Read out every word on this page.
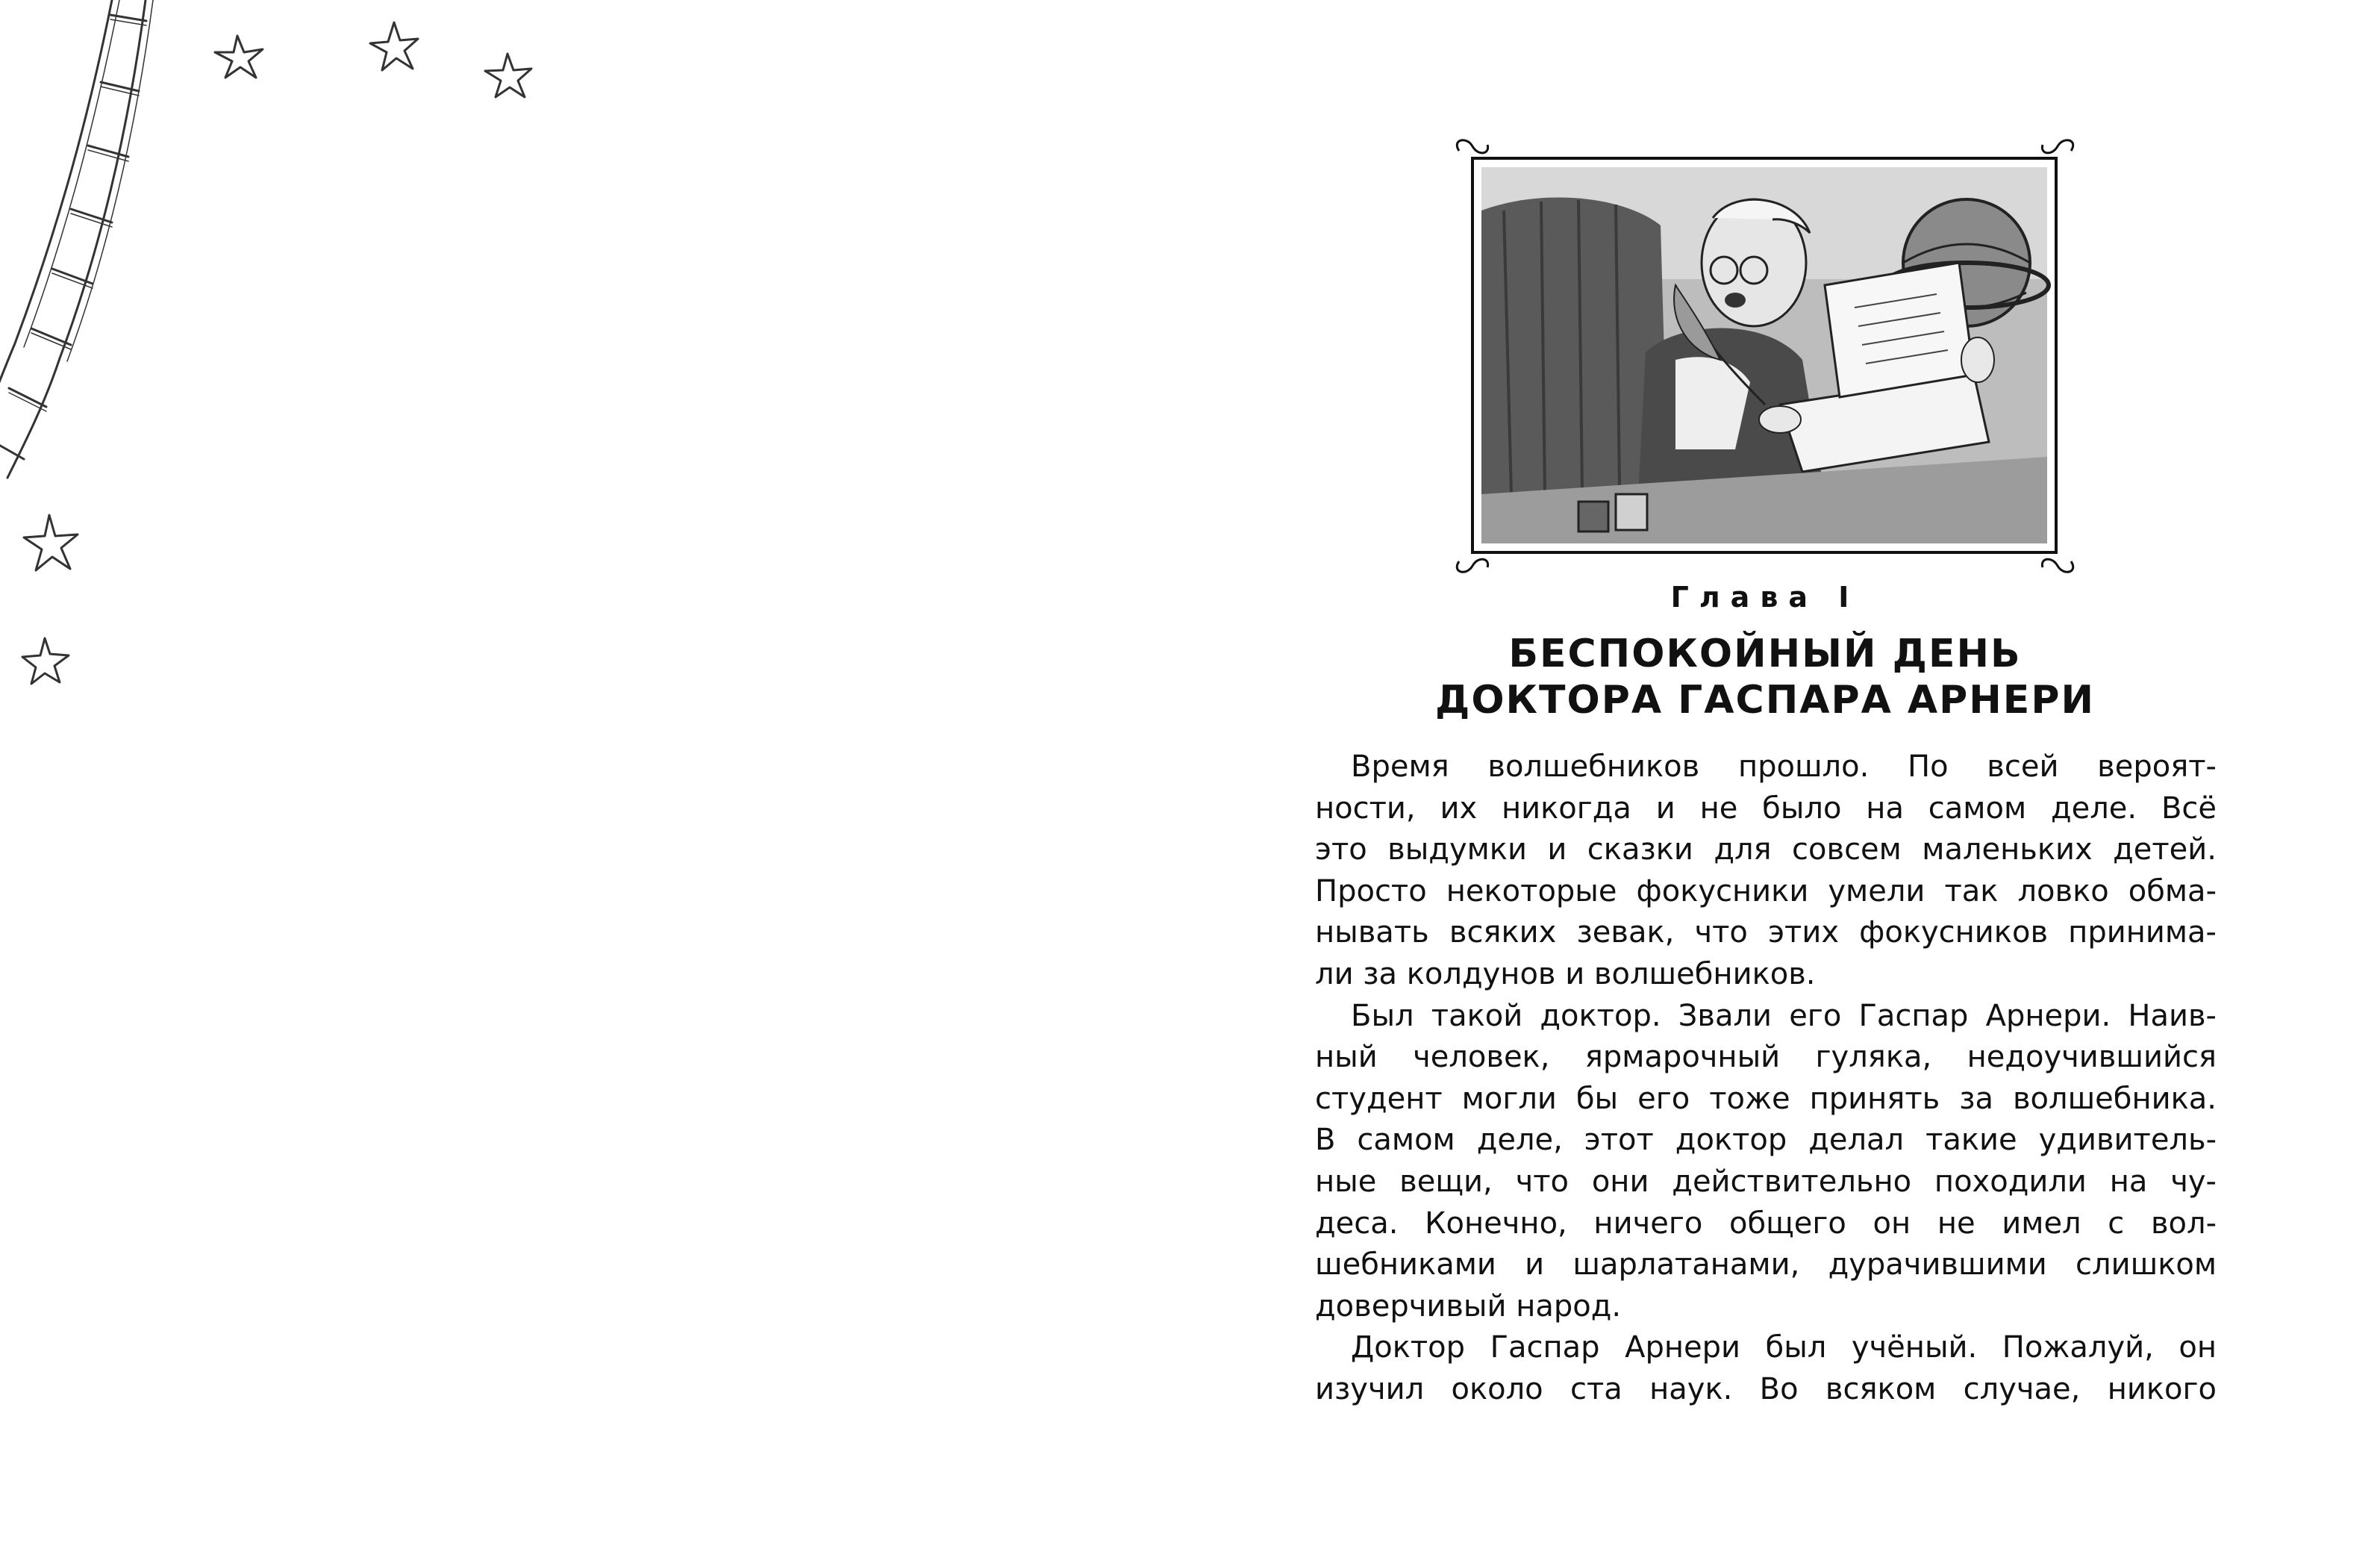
Глава I
БЕСПОКОЙНЫЙ ДЕНЬ
ДОКТОРА ГАСПАРА АРНЕРИ
Время волшебников прошло. По всей вероят-
ности, их никогда и не было на самом деле. Всё
это выдумки и сказки для совсем маленьких детей.
Просто некоторые фокусники умели так ловко обма-
нывать всяких зевак, что этих фокусников принима-
ли за колдунов и волшебников.
Был такой доктор. Звали его Гаспар Арнери. Наив-
ный человек, ярмарочный гуляка, недоучившийся
студент могли бы его тоже принять за волшебника.
В самом деле, этот доктор делал такие удивитель-
ные вещи, что они действительно походили на чу-
деса. Конечно, ничего общего он не имел с вол-
шебниками и шарлатанами, дурачившими слишком
доверчивый народ.
Доктор Гаспар Арнери был учёный. Пожалуй, он
изучил около ста наук. Во всяком случае, никого
